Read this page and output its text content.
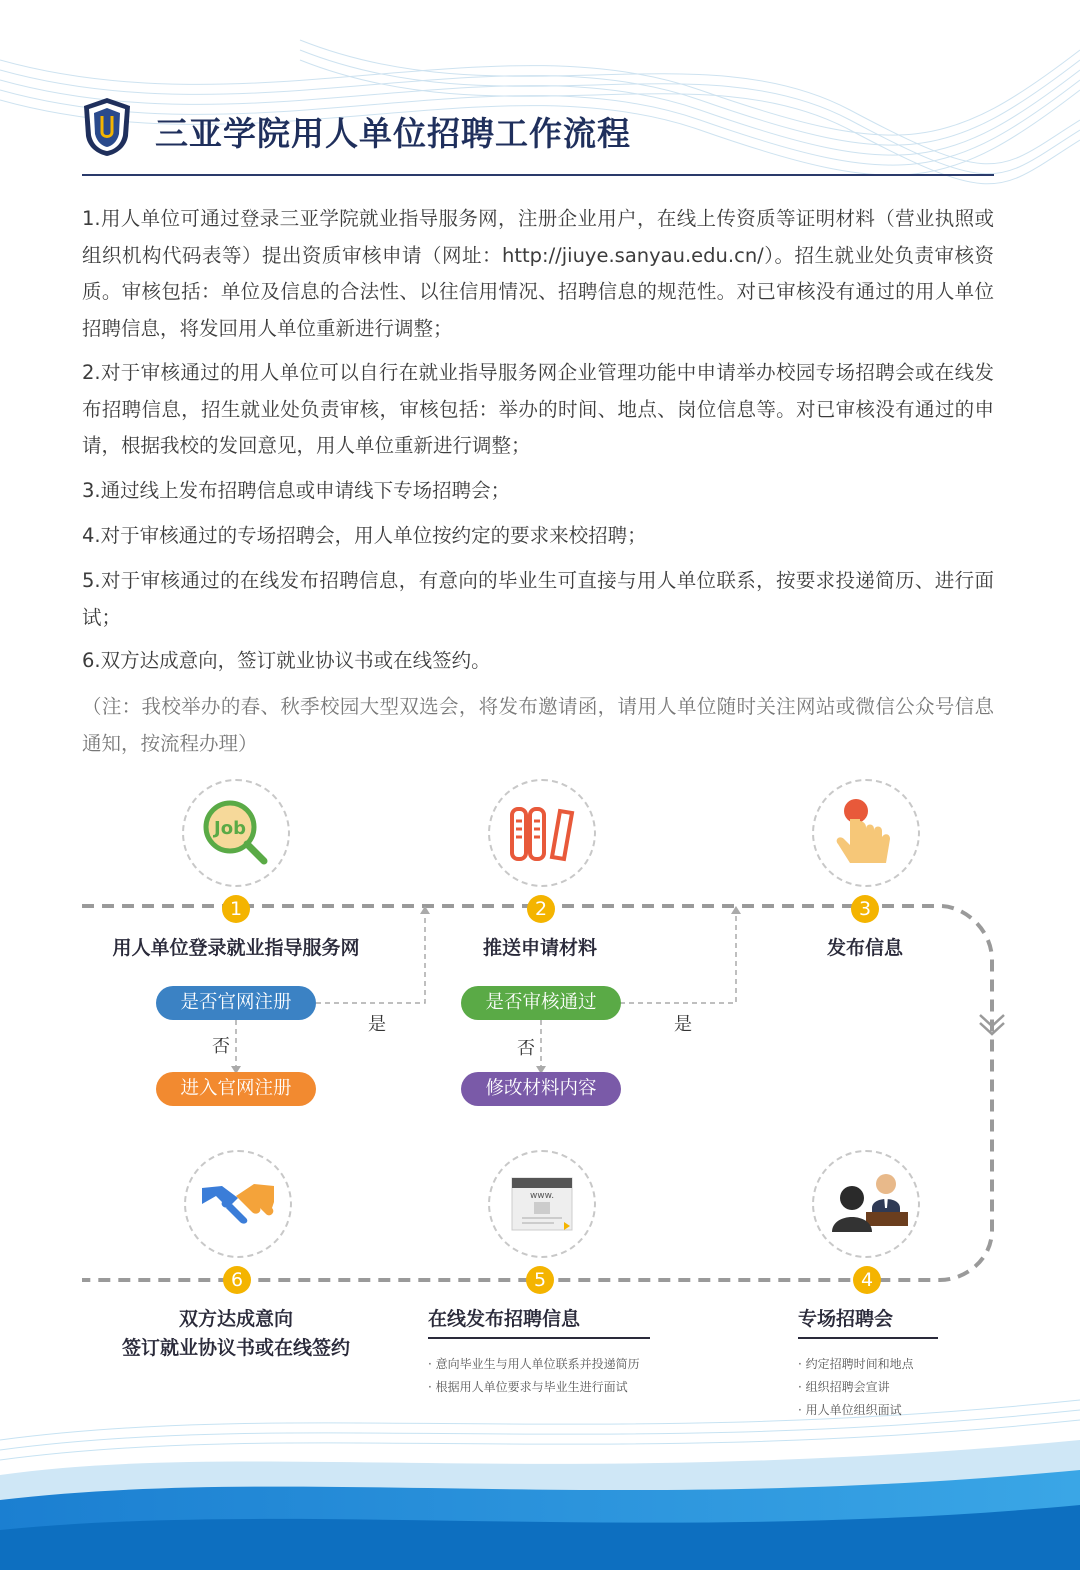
三亚学院用人单位招聘工作流程
1.用人单位可通过登录三亚学院就业指导服务网，注册企业用户，在线上传资质等证明材料（营业执照或组织机构代码表等）提出资质审核申请（网址：http://jiuye.sanyau.edu.cn/）。招生就业处负责审核资质。审核包括：单位及信息的合法性、以往信用情况、招聘信息的规范性。对已审核没有通过的用人单位招聘信息，将发回用人单位重新进行调整；
2.对于审核通过的用人单位可以自行在就业指导服务网企业管理功能中申请举办校园专场招聘会或在线发布招聘信息，招生就业处负责审核，审核包括：举办的时间、地点、岗位信息等。对已审核没有通过的申请，根据我校的发回意见，用人单位重新进行调整；
3.通过线上发布招聘信息或申请线下专场招聘会；
4.对于审核通过的专场招聘会，用人单位按约定的要求来校招聘；
5.对于审核通过的在线发布招聘信息，有意向的毕业生可直接与用人单位联系，按要求投递简历、进行面试；
6.双方达成意向，签订就业协议书或在线签约。
（注：我校举办的春、秋季校园大型双选会，将发布邀请函，请用人单位随时关注网站或微信公众号信息通知，按流程办理）
Job
1	2	3
用人单位登录就业指导服务网	推送申请材料	发布信息
是否官网注册
是
否
进入官网注册
是否审核通过
是
否
修改材料内容
www.
6	5	4
双方达成意向
签订就业协议书或在线签约
在线发布招聘信息
· 意向毕业生与用人单位联系并投递简历
· 根据用人单位要求与毕业生进行面试
专场招聘会
· 约定招聘时间和地点
· 组织招聘会宣讲
· 用人单位组织面试
